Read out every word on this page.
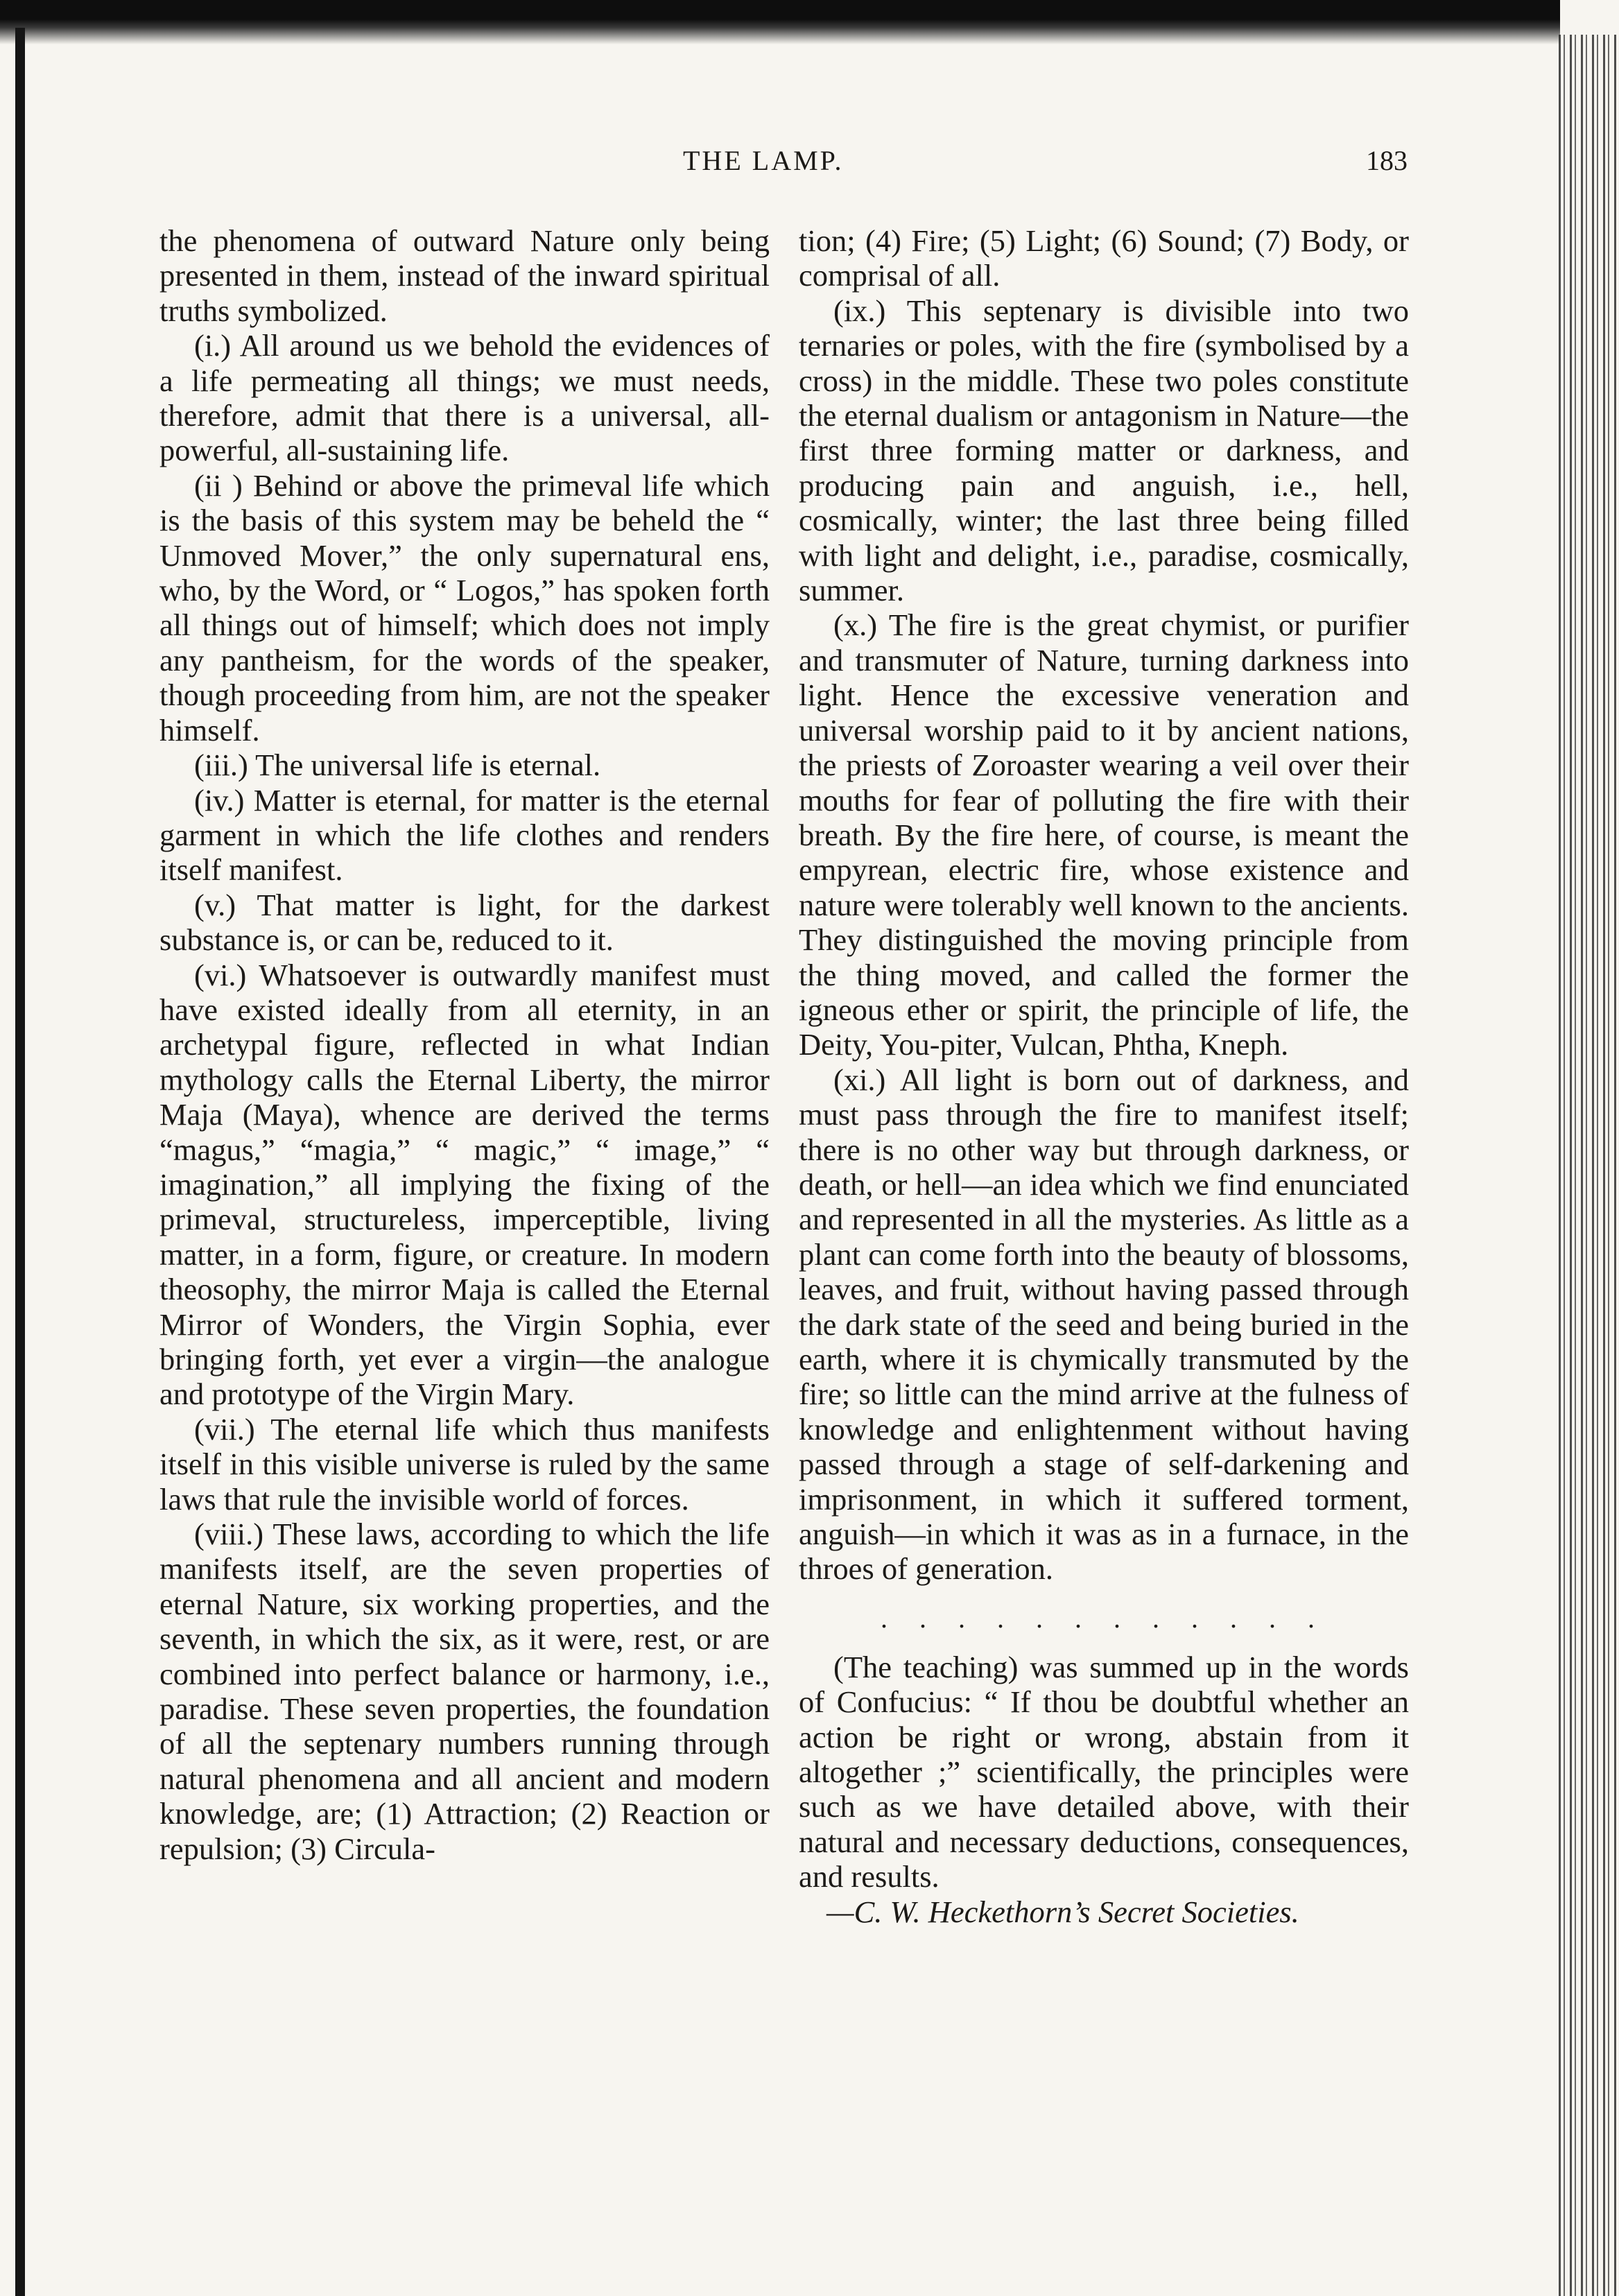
THE LAMP.	183

the phenomena of outward Nature only being presented in them, instead of the inward spiritual truths symbolized.

(i.) All around us we behold the evidences of a life permeating all things; we must needs, therefore, admit that there is a universal, all-powerful, all-sustaining life.

(ii ) Behind or above the primeval life which is the basis of this system may be beheld the “ Unmoved Mover,” the only supernatural ens, who, by the Word, or “ Logos,” has spoken forth all things out of himself; which does not imply any pantheism, for the words of the speaker, though proceeding from him, are not the speaker himself.

(iii.) The universal life is eternal.

(iv.) Matter is eternal, for matter is the eternal garment in which the life clothes and renders itself manifest.

(v.) That matter is light, for the darkest substance is, or can be, reduced to it.

(vi.) Whatsoever is outwardly manifest must have existed ideally from all eternity, in an archetypal figure, reflected in what Indian mythology calls the Eternal Liberty, the mirror Maja (Maya), whence are derived the terms “magus,” “magia,” “ magic,” “ image,” “ imagination,” all implying the fixing of the primeval, structureless, imperceptible, living matter, in a form, figure, or creature. In modern theosophy, the mirror Maja is called the Eternal Mirror of Wonders, the Virgin Sophia, ever bringing forth, yet ever a virgin—the analogue and prototype of the Virgin Mary.

(vii.) The eternal life which thus manifests itself in this visible universe is ruled by the same laws that rule the invisible world of forces.

(viii.) These laws, according to which the life manifests itself, are the seven properties of eternal Nature, six working properties, and the seventh, in which the six, as it were, rest, or are combined into perfect balance or harmony, i.e., paradise. These seven properties, the foundation of all the septenary numbers running through natural phenomena and all ancient and modern knowledge, are; (1) Attraction; (2) Reaction or repulsion; (3) Circula-

tion; (4) Fire; (5) Light; (6) Sound; (7) Body, or comprisal of all.

(ix.) This septenary is divisible into two ternaries or poles, with the fire (symbolised by a cross) in the middle. These two poles constitute the eternal dualism or antagonism in Nature—the first three forming matter or darkness, and producing pain and anguish, i.e., hell, cosmically, winter; the last three being filled with light and delight, i.e., paradise, cosmically, summer.

(x.) The fire is the great chymist, or purifier and transmuter of Nature, turning darkness into light. Hence the excessive veneration and universal worship paid to it by ancient nations, the priests of Zoroaster wearing a veil over their mouths for fear of polluting the fire with their breath. By the fire here, of course, is meant the empyrean, electric fire, whose existence and nature were tolerably well known to the ancients. They distinguished the moving principle from the thing moved, and called the former the igneous ether or spirit, the principle of life, the Deity, You-piter, Vulcan, Phtha, Kneph.

(xi.) All light is born out of darkness, and must pass through the fire to manifest itself; there is no other way but through darkness, or death, or hell—an idea which we find enunciated and represented in all the mysteries. As little as a plant can come forth into the beauty of blossoms, leaves, and fruit, without having passed through the dark state of the seed and being buried in the earth, where it is chymically transmuted by the fire; so little can the mind arrive at the fulness of knowledge and enlightenment without having passed through a stage of self-darkening and imprisonment, in which it suffered torment, anguish—in which it was as in a furnace, in the throes of generation.

. . . . . . . . . . . .

(The teaching) was summed up in the words of Confucius: “ If thou be doubtful whether an action be right or wrong, abstain from it altogether ;” scientifically, the principles were such as we have detailed above, with their natural and necessary deductions, consequences, and results.

—C. W. Heckethorn’s Secret Societies.
